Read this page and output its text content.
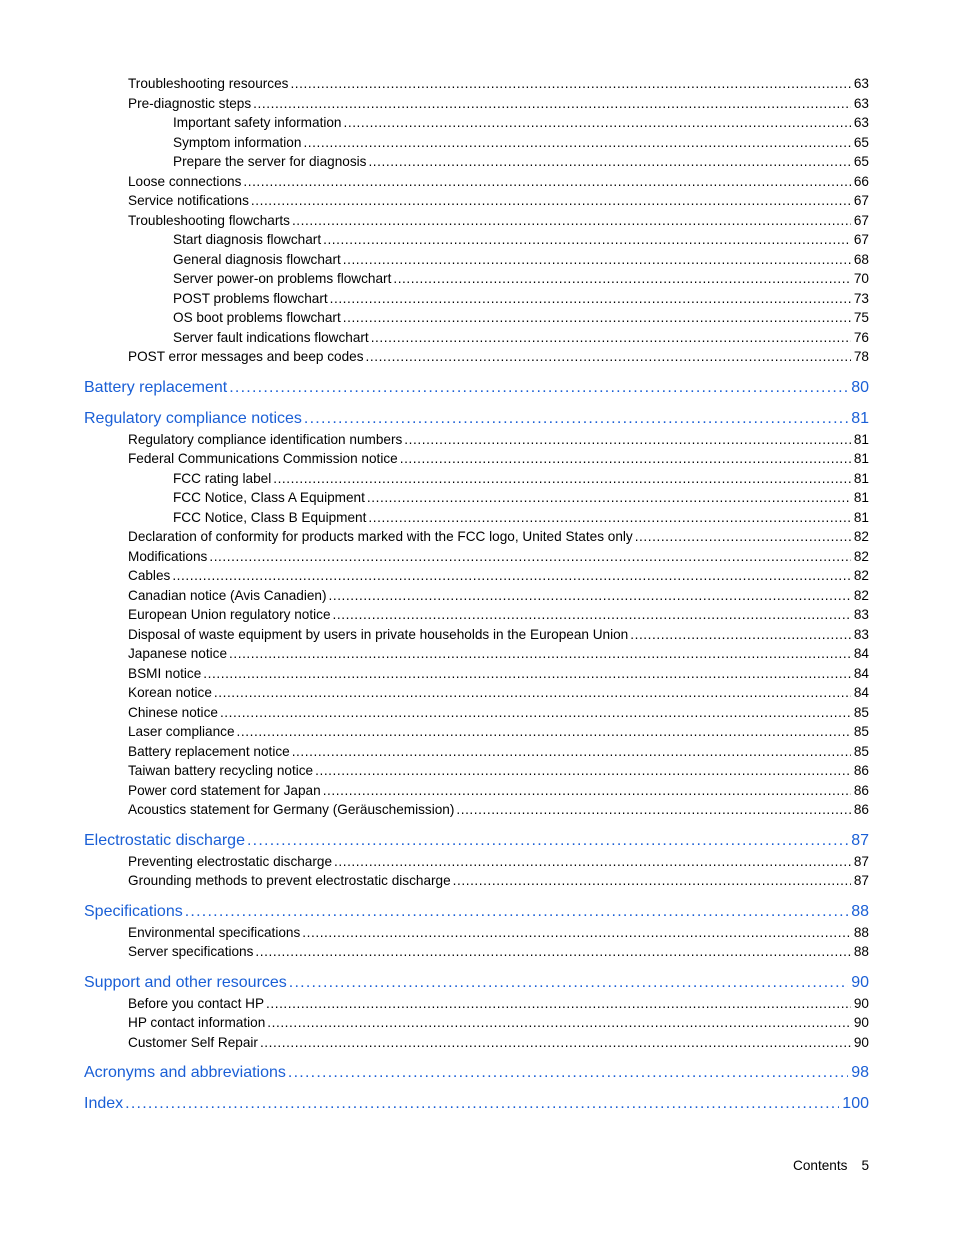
Troubleshooting resources . . .	63
Pre-diagnostic steps . . .	63
Important safety information . . .	63
Symptom information . . .	65
Prepare the server for diagnosis . . .	65
Loose connections . . .	66
Service notifications . . .	67
Troubleshooting flowcharts . . .	67
Start diagnosis flowchart . . .	67
General diagnosis flowchart . . .	68
Server power-on problems flowchart . . .	70
POST problems flowchart . . .	73
OS boot problems flowchart . . .	75
Server fault indications flowchart . . .	76
POST error messages and beep codes . . .	78
Battery replacement . . .	80
Regulatory compliance notices . . .	81
Regulatory compliance identification numbers . . .	81
Federal Communications Commission notice . . .	81
FCC rating label . . .	81
FCC Notice, Class A Equipment . . .	81
FCC Notice, Class B Equipment . . .	81
Declaration of conformity for products marked with the FCC logo, United States only . . .	82
Modifications . . .	82
Cables . . .	82
Canadian notice (Avis Canadien) . . .	82
European Union regulatory notice . . .	83
Disposal of waste equipment by users in private households in the European Union . . .	83
Japanese notice . . .	84
BSMI notice . . .	84
Korean notice . . .	84
Chinese notice . . .	85
Laser compliance . . .	85
Battery replacement notice . . .	85
Taiwan battery recycling notice . . .	86
Power cord statement for Japan . . .	86
Acoustics statement for Germany (Geräuschemission) . . .	86
Electrostatic discharge . . .	87
Preventing electrostatic discharge . . .	87
Grounding methods to prevent electrostatic discharge . . .	87
Specifications . . .	88
Environmental specifications . . .	88
Server specifications . . .	88
Support and other resources . . .	90
Before you contact HP . . .	90
HP contact information . . .	90
Customer Self Repair . . .	90
Acronyms and abbreviations . . .	98
Index . . .	100
Contents 5
